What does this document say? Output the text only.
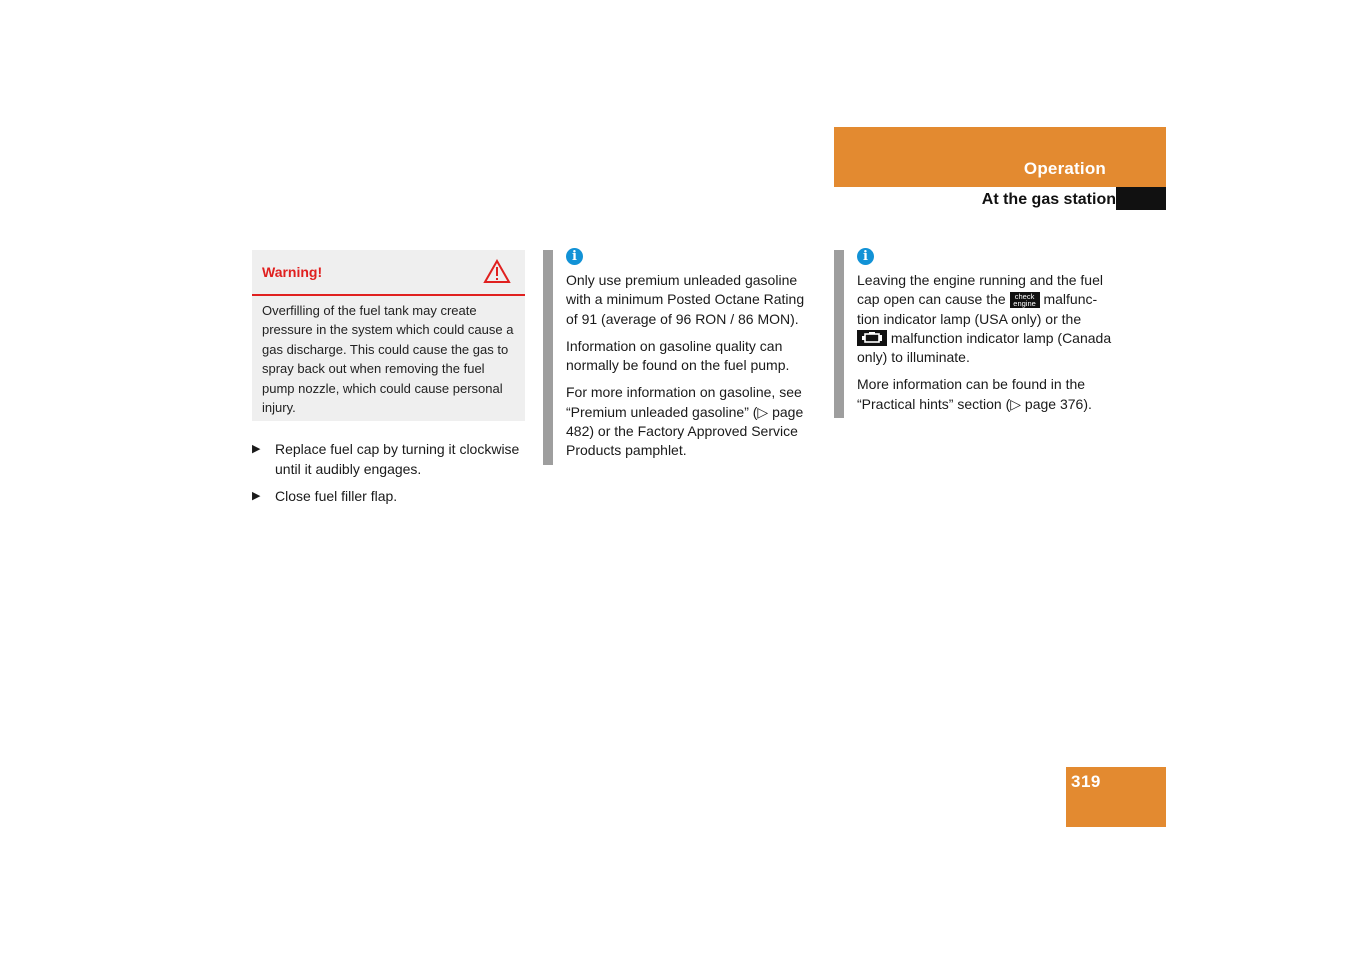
Operation
At the gas station
Warning!
Overfilling of the fuel tank may create pressure in the system which could cause a gas discharge. This could cause the gas to spray back out when removing the fuel pump nozzle, which could cause personal injury.
▶ Replace fuel cap by turning it clockwise until it audibly engages.
▶ Close fuel filler flap.
i

Only use premium unleaded gasoline with a minimum Posted Octane Rating of 91 (average of 96 RON / 86 MON).

Information on gasoline quality can normally be found on the fuel pump.

For more information on gasoline, see “Premium unleaded gasoline” (▷ page 482) or the Factory Approved Service Products pamphlet.

i

Leaving the engine running and the fuel cap open can cause the check
engine malfunc- tion indicator lamp (USA only) or the
malfunction indicator lamp (Canada only) to illuminate.

More information can be found in the “Practical hints” section (▷ page 376).

319
